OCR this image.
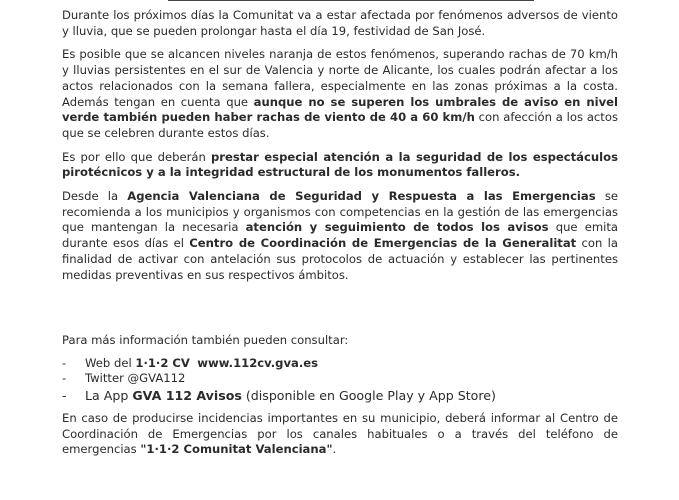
Durante los próximos días la Comunitat va a estar afectada por fenómenos adversos de viento y lluvia, que se pueden prolongar hasta el día 19, festividad de San José.

Es posible que se alcancen niveles naranja de estos fenómenos, superando rachas de 70 km/h y lluvias persistentes en el sur de Valencia y norte de Alicante, los cuales podrán afectar a los actos relacionados con la semana fallera, especialmente en las zonas próximas a la costa. Además tengan en cuenta que aunque no se superen los umbrales de aviso en nivel verde también pueden haber rachas de viento de 40 a 60 km/h con afección a los actos que se celebren durante estos días.

Es por ello que deberán prestar especial atención a la seguridad de los espectáculos pirotécnicos y a la integridad estructural de los monumentos falleros.

Desde la Agencia Valenciana de Seguridad y Respuesta a las Emergencias se recomienda a los municipios y organismos con competencias en la gestión de las emergencias que mantengan la necesaria atención y seguimiento de todos los avisos que emita durante esos días el Centro de Coordinación de Emergencias de la Generalitat con la finalidad de activar con antelación sus protocolos de actuación y establecer las pertinentes medidas preventivas en sus respectivos ámbitos.

Para más información también pueden consultar:

- Web del 1·1·2 CV www.112cv.gva.es
- Twitter @GVA112
- La App GVA 112 Avisos (disponible en Google Play y App Store)

En caso de producirse incidencias importantes en su municipio, deberá informar al Centro de Coordinación de Emergencias por los canales habituales o a través del teléfono de emergencias "1·1·2 Comunitat Valenciana".
